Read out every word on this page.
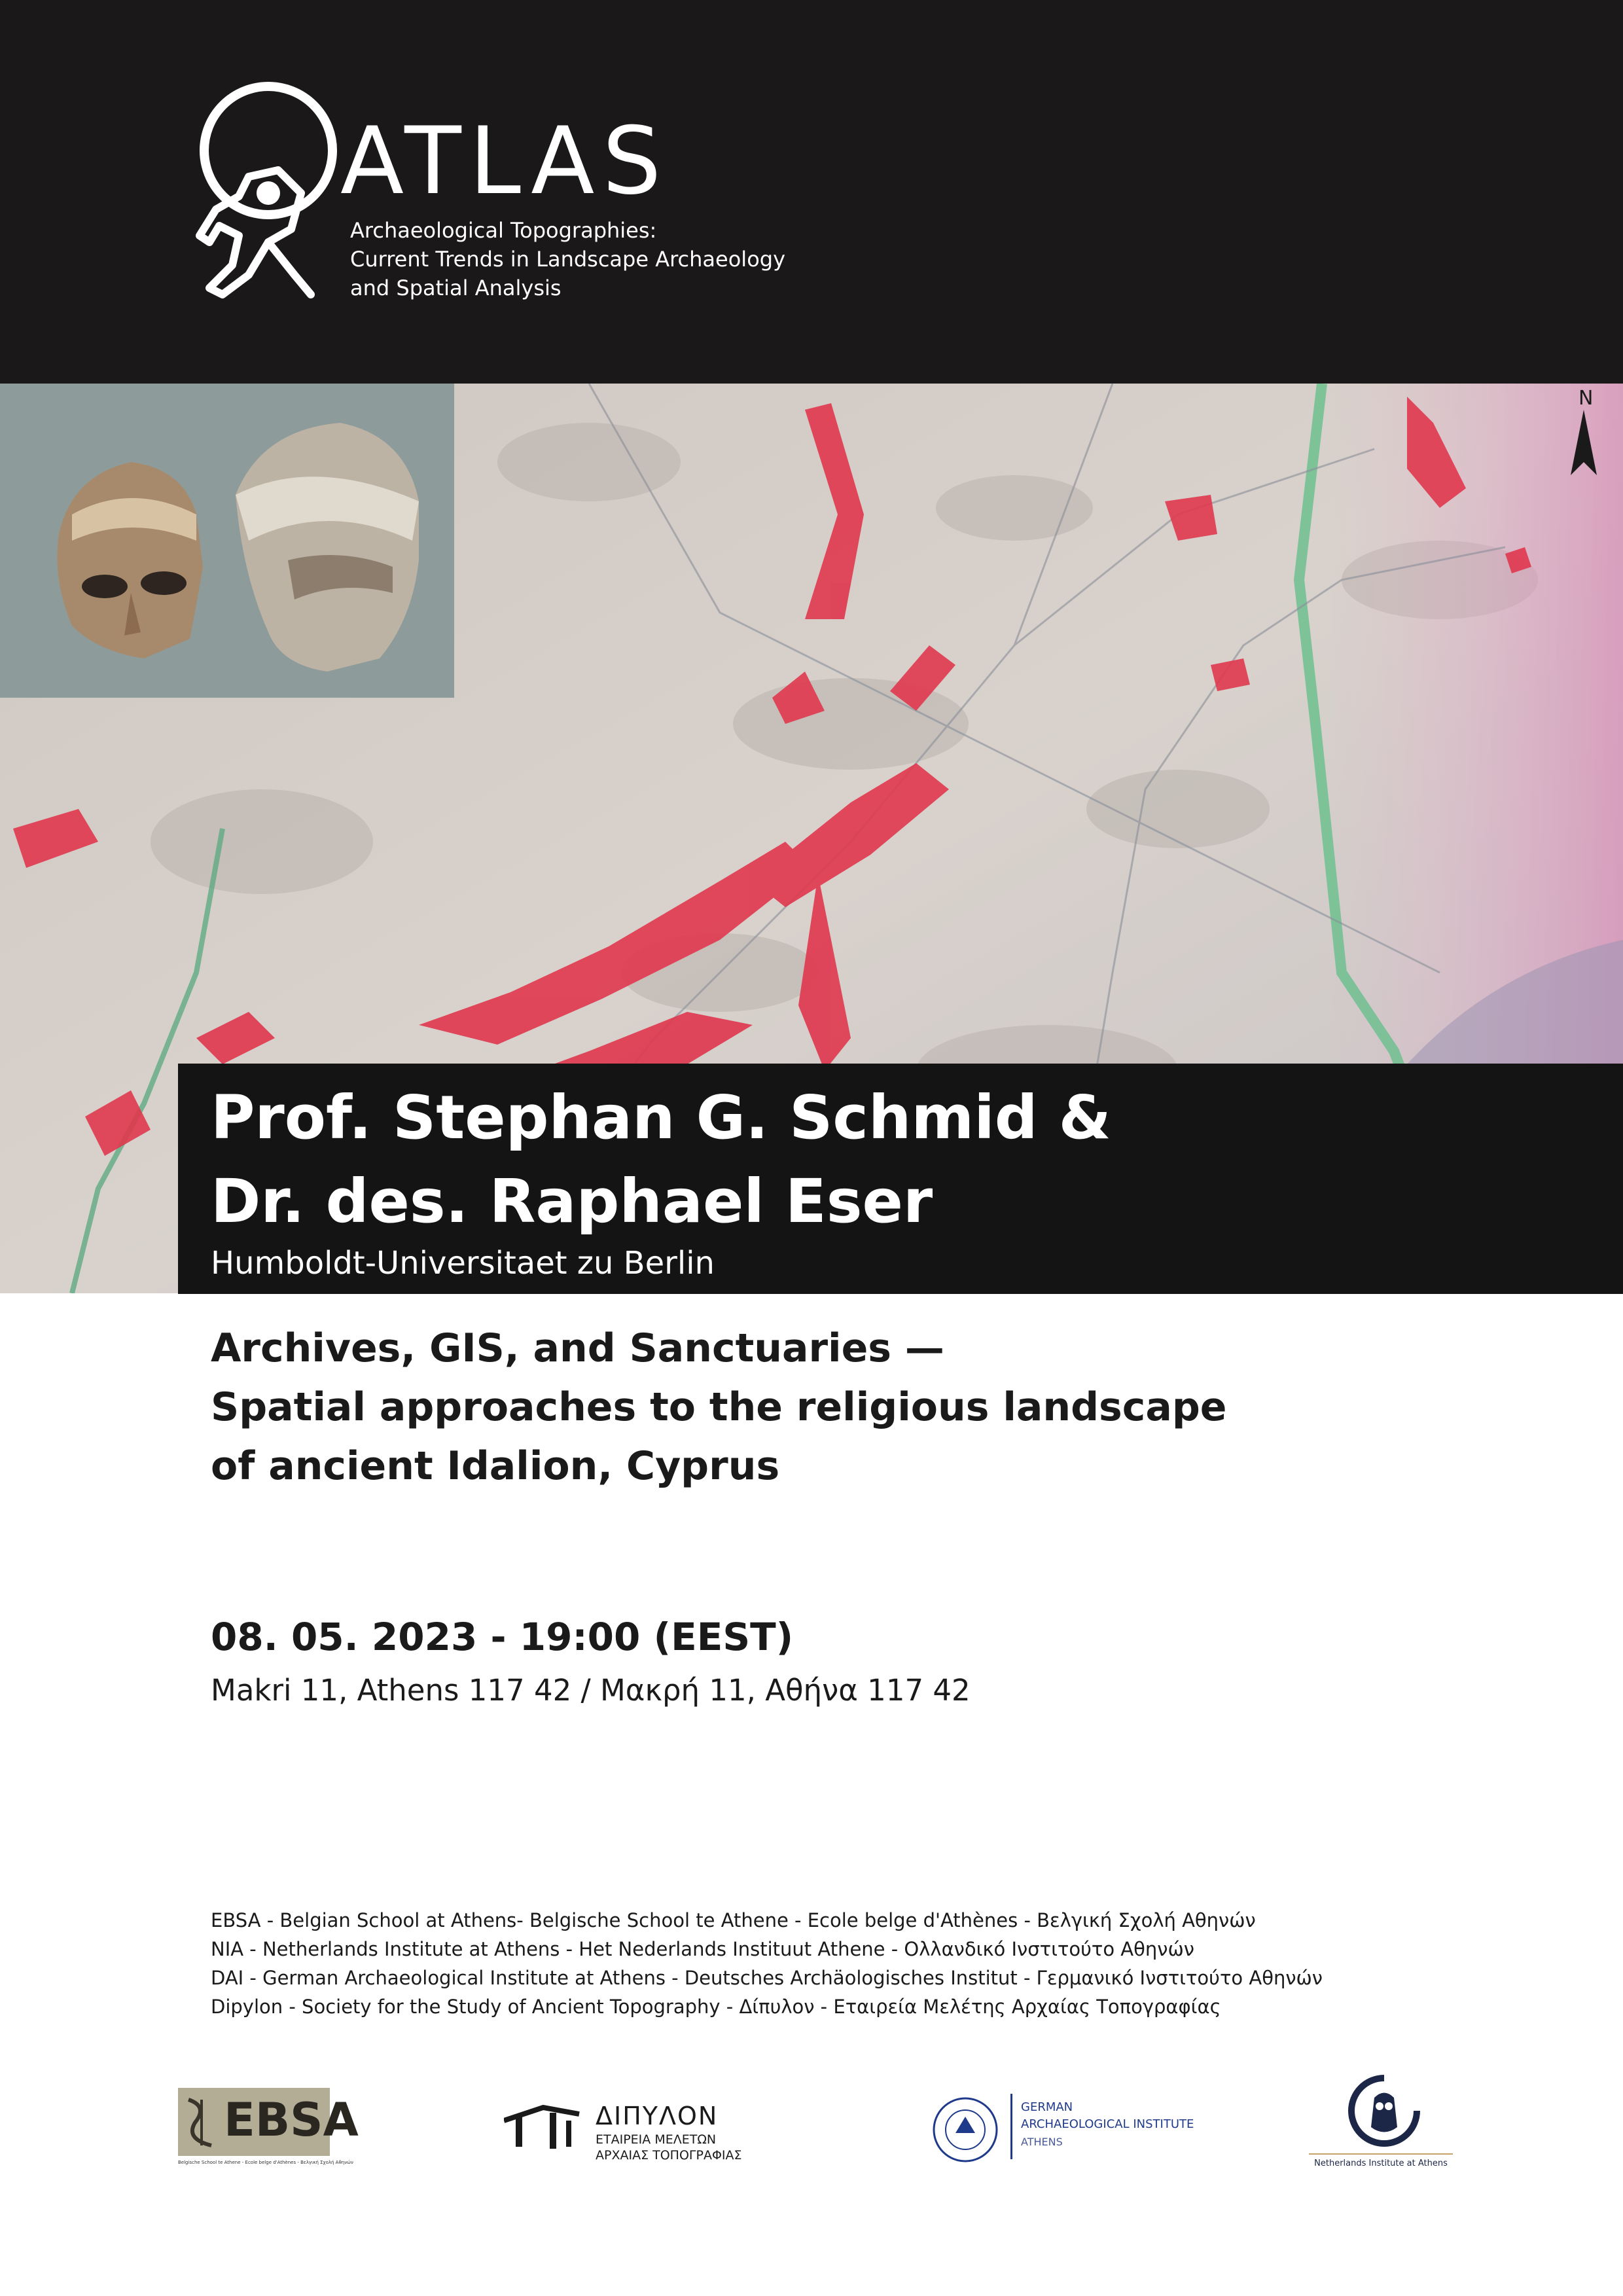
ATLAS
Archaeological Topographies:
Current Trends in Landscape Archaeology
and Spatial Analysis
N
Prof. Stephan G. Schmid &
Dr. des. Raphael Eser
Humboldt-Universitaet zu Berlin
Archives, GIS, and Sanctuaries —
Spatial approaches to the religious landscape
of ancient Idalion, Cyprus
08. 05. 2023 - 19:00 (EEST)
Makri 11, Athens 117 42 / Μακρή 11, Αθήνα 117 42
EBSA - Belgian School at Athens- Belgische School te Athene - Ecole belge d'Athènes - Βελγική Σχολή Αθηνών
NIA - Netherlands Institute at Athens - Het Nederlands Instituut Athene - Ολλανδικό Ινστιτούτο Αθηνών
DAI - German Archaeological Institute at Athens - Deutsches Archäologisches Institut - Γερμανικό Ινστιτούτο Αθηνών
Dipylon - Society for the Study of Ancient Topography - Δίπυλον - Εταιρεία Μελέτης Αρχαίας Τοπογραφίας
EBSA
Belgische School te Athene - Ecole belge d'Athènes - Βελγική Σχολή Αθηνών
ΔΙΠΥΛΟΝ
ΕΤΑΙΡΕΙΑ ΜΕΛΕΤΩΝ
ΑΡΧΑΙΑΣ ΤΟΠΟΓΡΑΦΙΑΣ
GERMAN
ARCHAEOLOGICAL INSTITUTE
ATHENS
Netherlands Institute at Athens
